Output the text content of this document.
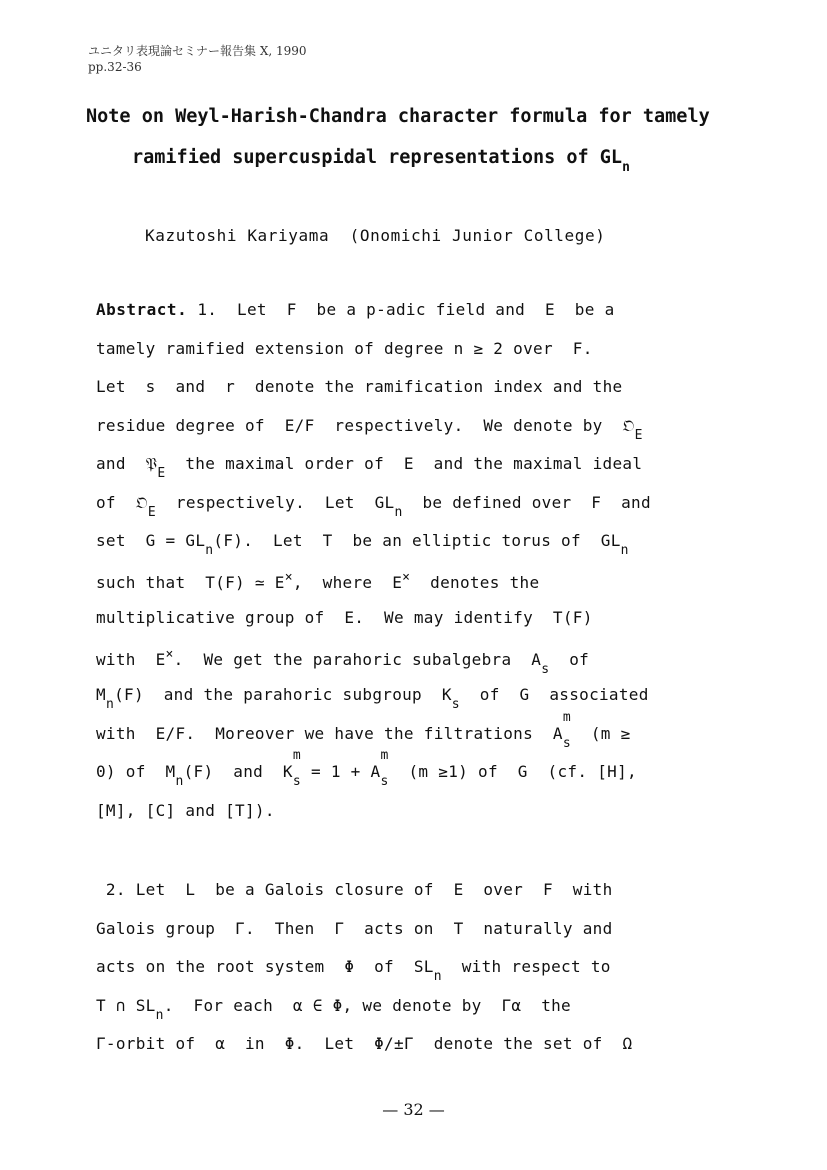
ユニタリ表現論セミナー報告集 X, 1990
pp.32-36
Note on Weyl-Harish-Chandra character formula for tamely
ramified supercuspidal representations of $GL_n$
Kazutoshi Kariyama  (Onomichi Junior College)
Abstract. 1.  Let  F  be a p-adic field and  E  be a
tamely ramified extension of degree n ≥ 2 over  F.
Let  s  and  r  denote the ramification index and the
residue degree of  E/F  respectively.  We denote by  𝔒$_E$
and  𝔓$_E$  the maximal order of  E  and the maximal ideal
of  𝔒$_E$  respectively.  Let  $GL_n$  be defined over  F  and
set  $G = GL_n(F)$.  Let  T  be an elliptic torus of  $GL_n$
such that  T(F) ≃ E×,  where  E×  denotes the
multiplicative group of  E.  We may identify  T(F)
with  E×.  We get the parahoric subalgebra  $A_s$  of
$M_n(F)$  and the parahoric subgroup  $K_s$  of  G  associated
with  E/F.  Moreover we have the filtrations  $A_s$
m
(m ≥
0) of  $M_n(F)$  and  $K_s$
m
= $1 + A_s$
m
(m ≥1) of  G  (cf. [H],
[M], [C] and [T]).
2. Let  L  be a Galois closure of  E  over  F  with
Galois group  Γ.  Then  Γ  acts on  T  naturally and
acts on the root system  Φ  of  $SL_n$  with respect to
T ∩ $SL_n$.  For each  α ∈ Φ, we denote by  Γα  the
Γ-orbit of  α  in  Φ.  Let  Φ/±Γ  denote the set of  Ω
— 32 —
